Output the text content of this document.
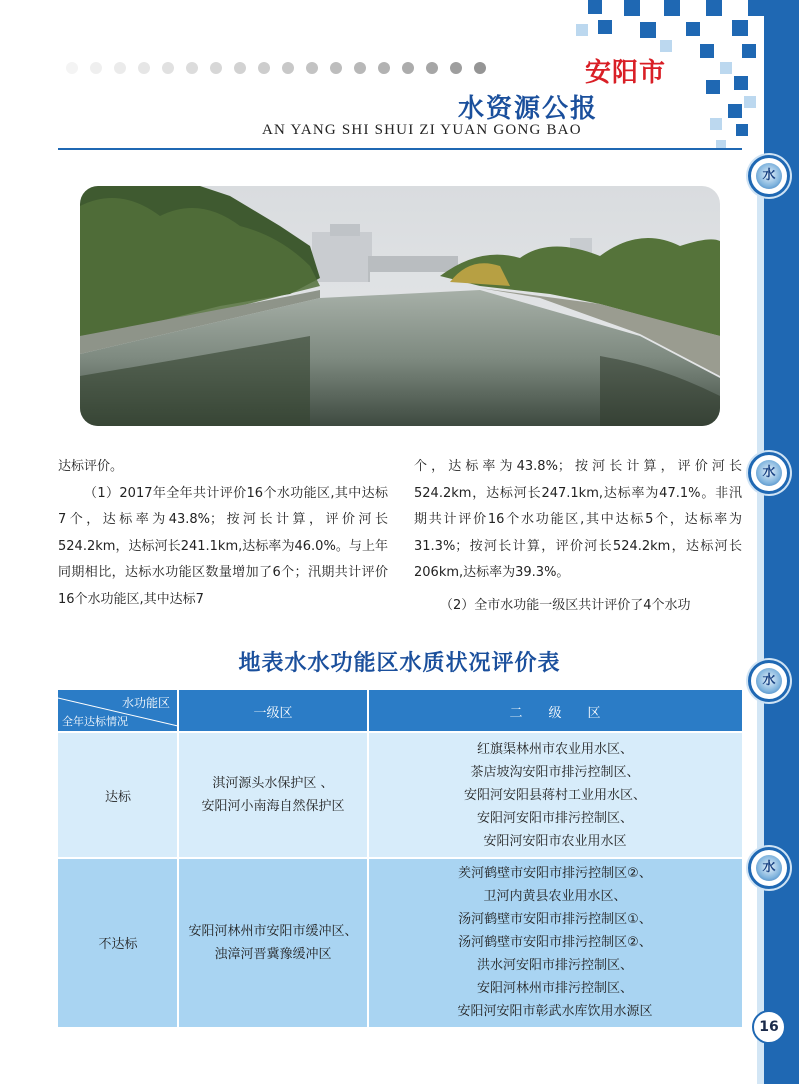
水
水
水
水
安阳市
水资源公报
AN YANG SHI SHUI ZI YUAN GONG BAO

达标评价。

（1）2017年全年共计评价16个水功能区,其中达标7个，达标率为43.8%；按河长计算，评价河长524.2km，达标河长241.1km,达标率为46.0%。与上年同期相比，达标水功能区数量增加了6个；汛期共计评价16个水功能区,其中达标7

个，达标率为43.8%；按河长计算，评价河长524.2km，达标河长247.1km,达标率为47.1%。非汛期共计评价16个水功能区,其中达标5个，达标率为31.3%；按河长计算，评价河长524.2km，达标河长206km,达标率为39.3%。

（2）全市水功能一级区共计评价了4个水功

地表水水功能区水质状况评价表
水功能区
全年达标情况
一级区	二　　级　　区
达标
淇河源头水保护区 、
安阳河小南海自然保护区
红旗渠林州市农业用水区、
茶店坡沟安阳市排污控制区、
安阳河安阳县蒋村工业用水区、
安阳河安阳市排污控制区、
安阳河安阳市农业用水区
不达标
安阳河林州市安阳市缓冲区、
浊漳河晋冀豫缓冲区
羑河鹤壁市安阳市排污控制区②、
卫河内黄县农业用水区、
汤河鹤壁市安阳市排污控制区①、
汤河鹤壁市安阳市排污控制区②、
洪水河安阳市排污控制区、
安阳河林州市排污控制区、
安阳河安阳市彰武水库饮用水源区
16
